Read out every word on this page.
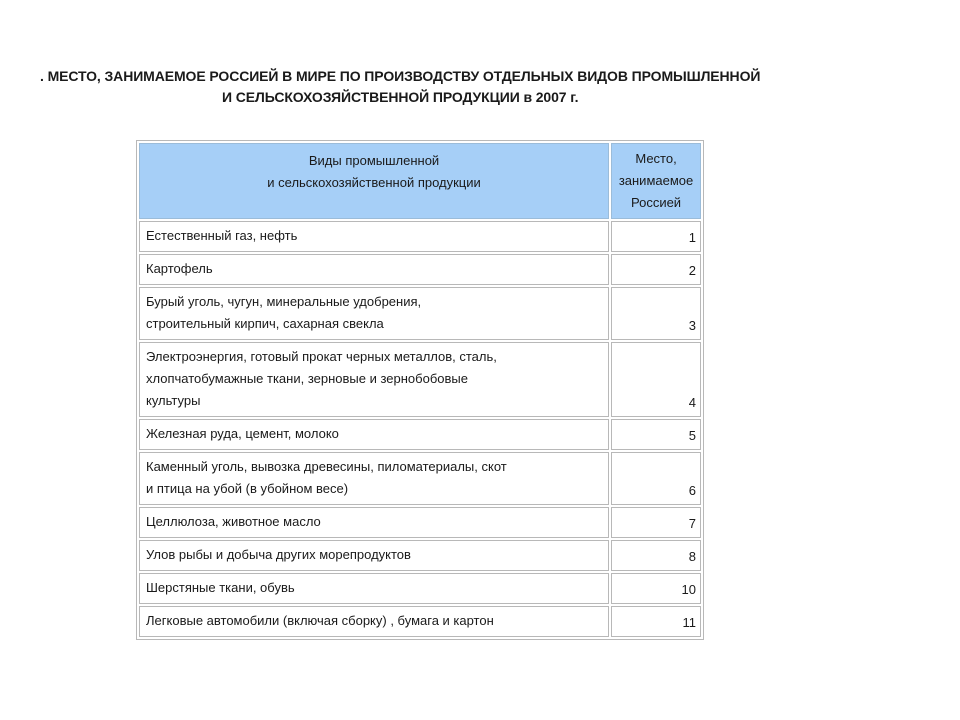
. МЕСТО, ЗАНИМАЕМОЕ РОССИЕЙ В МИРЕ ПО ПРОИЗВОДСТВУ ОТДЕЛЬНЫХ ВИДОВ ПРОМЫШЛЕННОЙ
И СЕЛЬСКОХОЗЯЙСТВЕННОЙ ПРОДУКЦИИ в 2007 г.
Виды промышленной
и сельскохозяйственной продукции	Место,
занимаемое
Россией
Естественный газ, нефть	1
Картофель	2
Бурый уголь, чугун, минеральные удобрения,
строительный кирпич, сахарная свекла	3
Электроэнергия, готовый прокат черных металлов, сталь,
хлопчатобумажные ткани, зерновые и зернобобовые
культуры	4
Железная руда, цемент, молоко	5
Каменный уголь, вывозка древесины, пиломатериалы, скот
и птица на убой (в убойном весе)	6
Целлюлоза, животное масло	7
Улов рыбы и добыча других морепродуктов	8
Шерстяные ткани, обувь	10
Легковые автомобили (включая сборку) , бумага и картон	11
